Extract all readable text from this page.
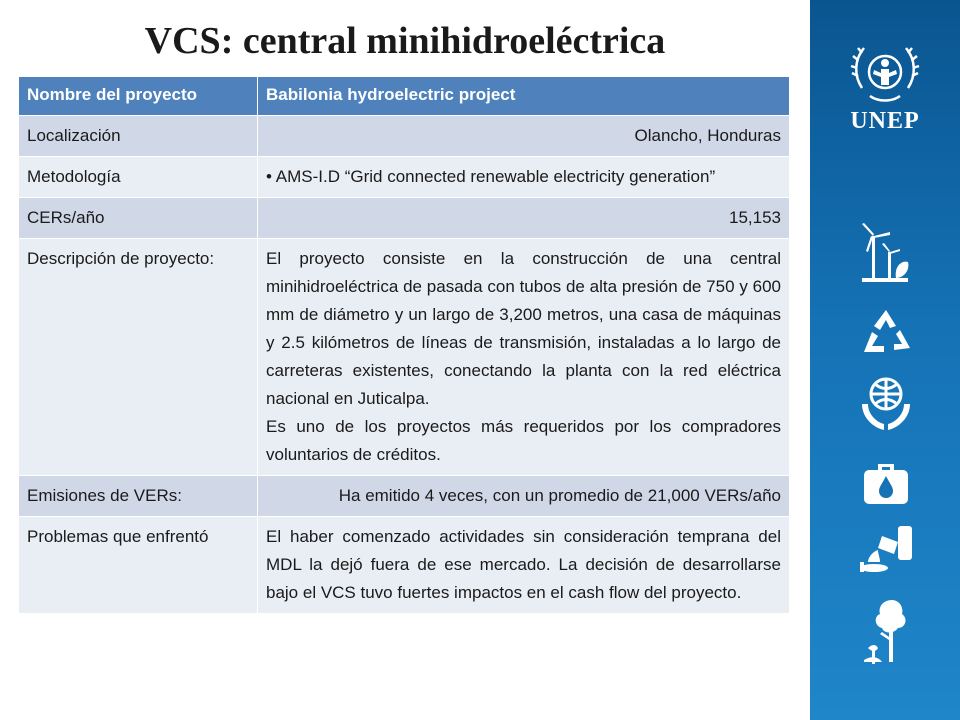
VCS: central minihidroeléctrica
Nombre del proyecto	Babilonia hydroelectric project
Localización	Olancho, Honduras
Metodología	• AMS-I.D “Grid connected renewable electricity generation”
CERs/año	15,153
Descripción de proyecto:	El proyecto consiste en la construcción de una central minihidroeléctrica de pasada con tubos de alta presión de 750 y 600 mm de diámetro y un largo de 3,200 metros, una casa de máquinas y 2.5 kilómetros de líneas de transmisión, instaladas a lo largo de carreteras existentes, conectando la planta con la red eléctrica nacional en Juticalpa.
Es uno de los proyectos más requeridos por los compradores voluntarios de créditos.

Emisiones de VERs:	Ha emitido 4 veces, con un promedio de 21,000 VERs/año
Problemas que enfrentó	El haber comenzado actividades sin consideración temprana del MDL la dejó fuera de ese mercado. La decisión de desarrollarse bajo el VCS tuvo fuertes impactos en el cash flow del proyecto.
UNEP
